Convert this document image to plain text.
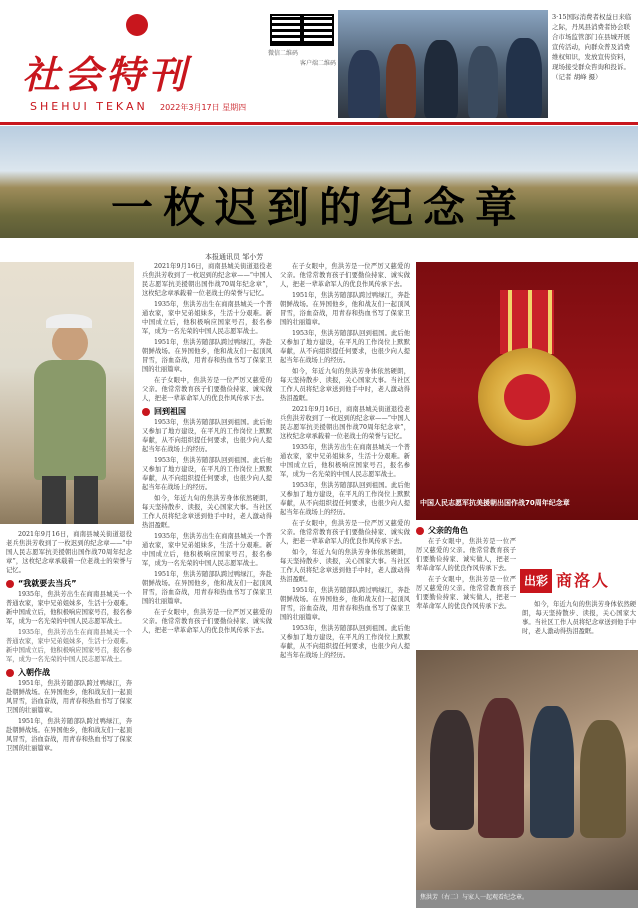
社会特刊
SHEHUI TEKAN 2022年3月17日 星期四
微信二维码
客户端二维码
3·15国际消费者权益日来临之际，丹凤县消费者协会联合市场监管部门在县城开展宣传活动，向群众普及消费维权知识，发放宣传资料，现场接受群众咨询和投诉。（记者 胡峰 摄）
一枚迟到的纪念章
本报通讯员 邹小芳
中国人民志愿军抗美援朝出国作战70周年纪念章

2021年9月16日，商南县城关街道退役老兵焦洪芳收到了一枚迟到的纪念章——“中国人民志愿军抗美援朝出国作战70周年纪念章”，这枚纪念章承载着一位老战士的荣誉与记忆。

“我就要去当兵”

1935年，焦洪芳出生在商南县城关一个普通农家，家中兄弟姐妹多，生活十分艰难。新中国成立后，他积极响应国家号召，报名参军，成为一名光荣的中国人民志愿军战士。

1935年，焦洪芳出生在商南县城关一个普通农家，家中兄弟姐妹多，生活十分艰难。新中国成立后，他积极响应国家号召，报名参军，成为一名光荣的中国人民志愿军战士。

入朝作战

1951年，焦洪芳随部队跨过鸭绿江，奔赴朝鲜战场。在异国他乡，他和战友们一起顶风冒雪，浴血奋战，用青春和热血书写了保家卫国的壮丽篇章。

1951年，焦洪芳随部队跨过鸭绿江，奔赴朝鲜战场。在异国他乡，他和战友们一起顶风冒雪，浴血奋战，用青春和热血书写了保家卫国的壮丽篇章。

2021年9月16日，商南县城关街道退役老兵焦洪芳收到了一枚迟到的纪念章——“中国人民志愿军抗美援朝出国作战70周年纪念章”，这枚纪念章承载着一位老战士的荣誉与记忆。

1935年，焦洪芳出生在商南县城关一个普通农家，家中兄弟姐妹多，生活十分艰难。新中国成立后，他积极响应国家号召，报名参军，成为一名光荣的中国人民志愿军战士。

1951年，焦洪芳随部队跨过鸭绿江，奔赴朝鲜战场。在异国他乡，他和战友们一起顶风冒雪，浴血奋战，用青春和热血书写了保家卫国的壮丽篇章。

在子女眼中，焦洪芳是一位严厉又慈爱的父亲。他常常教育孩子们要勤俭持家、诚实做人，把老一辈革命军人的优良作风传承下去。

回到祖国

1953年，焦洪芳随部队回到祖国。此后他又参加了地方建设，在平凡的工作岗位上默默奉献，从不向组织提任何要求，也很少向人提起当年在战场上的经历。

1953年，焦洪芳随部队回到祖国。此后他又参加了地方建设，在平凡的工作岗位上默默奉献，从不向组织提任何要求，也很少向人提起当年在战场上的经历。

如今，年近九旬的焦洪芳身体依然硬朗，每天坚持散步、读报，关心国家大事。当社区工作人员将纪念章送到他手中时，老人激动得热泪盈眶。

1935年，焦洪芳出生在商南县城关一个普通农家，家中兄弟姐妹多，生活十分艰难。新中国成立后，他积极响应国家号召，报名参军，成为一名光荣的中国人民志愿军战士。

1951年，焦洪芳随部队跨过鸭绿江，奔赴朝鲜战场。在异国他乡，他和战友们一起顶风冒雪，浴血奋战，用青春和热血书写了保家卫国的壮丽篇章。

在子女眼中，焦洪芳是一位严厉又慈爱的父亲。他常常教育孩子们要勤俭持家、诚实做人，把老一辈革命军人的优良作风传承下去。

在子女眼中，焦洪芳是一位严厉又慈爱的父亲。他常常教育孩子们要勤俭持家、诚实做人，把老一辈革命军人的优良作风传承下去。

1951年，焦洪芳随部队跨过鸭绿江，奔赴朝鲜战场。在异国他乡，他和战友们一起顶风冒雪，浴血奋战，用青春和热血书写了保家卫国的壮丽篇章。

1953年，焦洪芳随部队回到祖国。此后他又参加了地方建设，在平凡的工作岗位上默默奉献，从不向组织提任何要求，也很少向人提起当年在战场上的经历。

如今，年近九旬的焦洪芳身体依然硬朗，每天坚持散步、读报，关心国家大事。当社区工作人员将纪念章送到他手中时，老人激动得热泪盈眶。

2021年9月16日，商南县城关街道退役老兵焦洪芳收到了一枚迟到的纪念章——“中国人民志愿军抗美援朝出国作战70周年纪念章”，这枚纪念章承载着一位老战士的荣誉与记忆。

1935年，焦洪芳出生在商南县城关一个普通农家，家中兄弟姐妹多，生活十分艰难。新中国成立后，他积极响应国家号召，报名参军，成为一名光荣的中国人民志愿军战士。

1953年，焦洪芳随部队回到祖国。此后他又参加了地方建设，在平凡的工作岗位上默默奉献，从不向组织提任何要求，也很少向人提起当年在战场上的经历。

在子女眼中，焦洪芳是一位严厉又慈爱的父亲。他常常教育孩子们要勤俭持家、诚实做人，把老一辈革命军人的优良作风传承下去。

如今，年近九旬的焦洪芳身体依然硬朗，每天坚持散步、读报，关心国家大事。当社区工作人员将纪念章送到他手中时，老人激动得热泪盈眶。

1951年，焦洪芳随部队跨过鸭绿江，奔赴朝鲜战场。在异国他乡，他和战友们一起顶风冒雪，浴血奋战，用青春和热血书写了保家卫国的壮丽篇章。

1953年，焦洪芳随部队回到祖国。此后他又参加了地方建设，在平凡的工作岗位上默默奉献，从不向组织提任何要求，也很少向人提起当年在战场上的经历。

父亲的角色

在子女眼中，焦洪芳是一位严厉又慈爱的父亲。他常常教育孩子们要勤俭持家、诚实做人，把老一辈革命军人的优良作风传承下去。

在子女眼中，焦洪芳是一位严厉又慈爱的父亲。他常常教育孩子们要勤俭持家、诚实做人，把老一辈革命军人的优良作风传承下去。	如今，年近九旬的焦洪芳身体依然硬朗，每天坚持散步、读报，关心国家大事。当社区工作人员将纪念章送到他手中时，老人激动得热泪盈眶。

出彩 商洛人
焦洪芳（右二）与家人一起观看纪念章。
